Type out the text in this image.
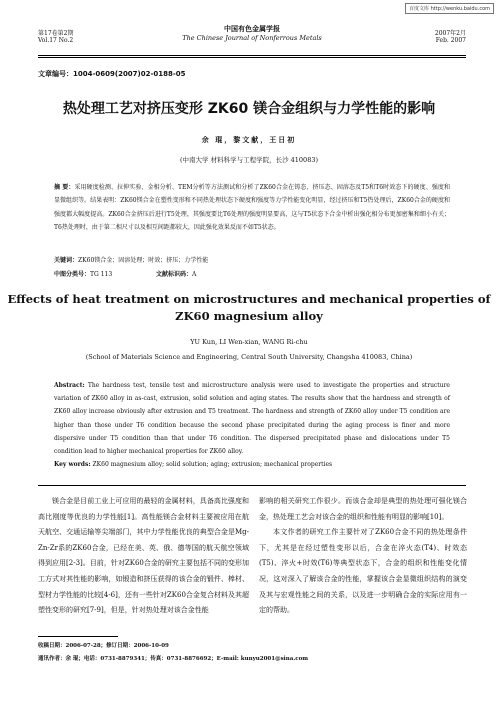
百度文库 http://wenku.baidu.com
第17卷第2期
Vol.17 No.2
中国有色金属学报
The Chinese Journal of Nonferrous Metals
2007年2月
Feb. 2007
文章编号：1004-0609(2007)02-0188-05
热处理工艺对挤压变形 ZK60 镁合金组织与力学性能的影响
余 琨，黎文献，王日初
(中南大学 材料科学与工程学院，长沙 410083)
摘 要：采用硬度检测、拉伸实验、金相分析、TEM分析等方法测试和分析了ZK60合金在铸态、挤压态、固溶态及T5和T6时效态下的硬度、强度和显微组织等。结果表明：ZK60镁合金在塑性变形和不同热处理状态下硬度和强度等力学性能变化明显，经过挤压和T5热处理后，ZK60合金的硬度和强度都大幅度提高。ZK60合金挤压后进行T5处理，其强度要比T6处理的强度明显要高，这与T5状态下合金中析出强化相分布更加密集和细小有关；T6热处理时，由于第二相尺寸以及相互间距都较大，因此强化效果反而不如T5状态。
关键词：ZK60镁合金；固溶处理；时效；挤压；力学性能
中图分类号：TG 113	文献标识码：A
Effects of heat treatment on microstructures and mechanical properties of ZK60 magnesium alloy
YU Kun, LI Wen-xian, WANG Ri-chu
(School of Materials Science and Engineering, Central South University, Changsha 410083, China)
Abstract: The hardness test, tensile test and microstructure analysis were used to investigate the properties and structure variation of ZK60 alloy in as-cast, extrusion, solid solution and aging states. The results show that the hardness and strength of ZK60 alloy increase obviously after extrusion and T5 treatment. The hardness and strength of ZK60 alloy under T5 condition are higher than those under T6 condition because the second phase precipitated during the aging process is finer and more dispersive under T5 condition than that under T6 condition. The dispersed precipitated phase and dislocations under T5 condition lead to higher mechanical properties for ZK60 alloy.
Key words: ZK60 magnesium alloy; solid solution; aging; extrusion; mechanical properties
镁合金是目前工业上可应用的最轻的金属材料，具备高比强度和高比刚度等优良的力学性能[1]。高性能镁合金材料主要被应用在航天航空、交通运输等尖端部门，其中力学性能优良的典型合金是Mg-Zn-Zr系的ZK60合金，已经在美、英、俄、德等国的航天航空领域得到应用[2-3]。目前，针对ZK60合金的研究主要包括不同的变形加工方式对其性能的影响，如锻造和挤压获得的该合金的锻件、棒材、型材力学性能的比较[4-6]，还有一些针对ZK60合金复合材料及其超塑性变形的研究[7-9]，但是，针对热处理对该合金性能
影响的相关研究工作很少。而该合金却是典型的热处理可强化镁合金，热处理工艺会对该合金的组织和性能有明显的影响[10]。
本文作者的研究工作主要针对了ZK60合金不同的热处理条件下，尤其是在经过塑性变形以后，合金在淬火态(T4)、时效态(T5)、淬火+时效(T6)等典型状态下，合金的组织和性能变化情况，这对深入了解该合金的性能，掌握该合金显微组织结构的演变及其与宏观性能之间的关系，以及进一步明确合金的实际应用有一定的帮助。
收稿日期：2006-07-28；修订日期：2006-10-09
通讯作者：余 琨；电话：0731-8879341；传真：0731-8876692；E-mail: kunyu2001@sina.com
